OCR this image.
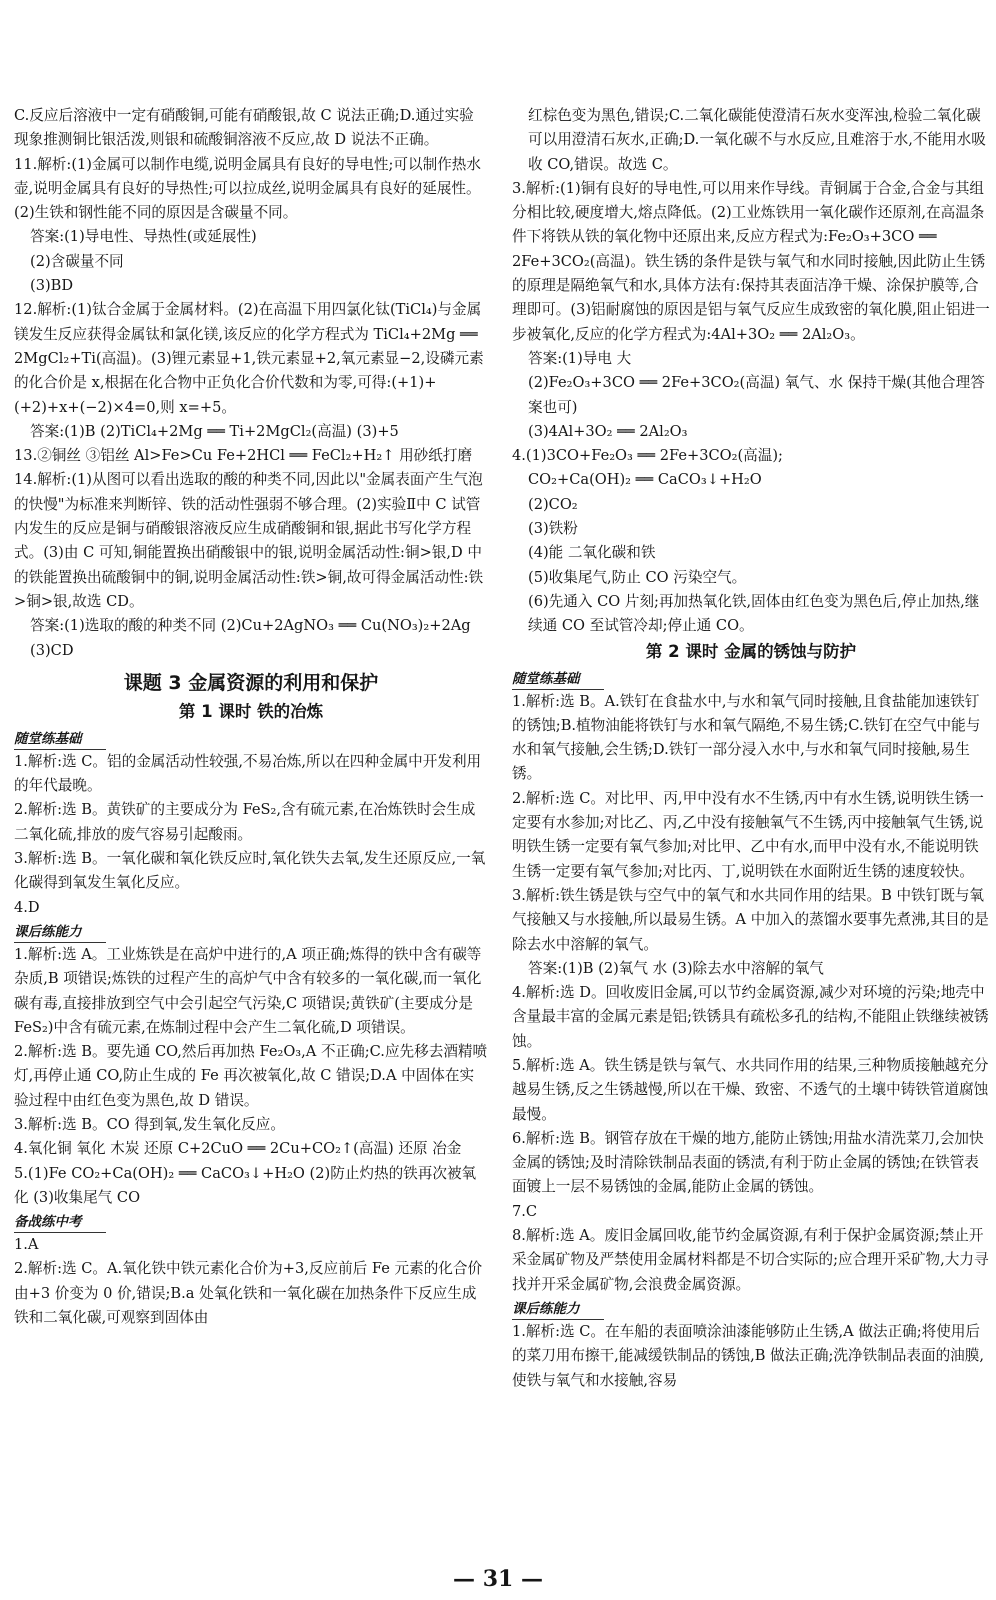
C.反应后溶液中一定有硝酸铜,可能有硝酸银,故 C 说法正确;D.通过实验现象推测铜比银活泼,则银和硫酸铜溶液不反应,故 D 说法不正确。
11.解析:(1)金属可以制作电缆,说明金属具有良好的导电性;可以制作热水壶,说明金属具有良好的导热性;可以拉成丝,说明金属具有良好的延展性。(2)生铁和钢性能不同的原因是含碳量不同。
答案:(1)导电性、导热性(或延展性)
(2)含碳量不同
(3)BD
12.解析:(1)钛合金属于金属材料。(2)在高温下用四氯化钛(TiCl₄)与金属镁发生反应获得金属钛和氯化镁,该反应的化学方程式为 TiCl₄+2Mg ══ 2MgCl₂+Ti(高温)。(3)锂元素显+1,铁元素显+2,氧元素显−2,设磷元素的化合价是 x,根据在化合物中正负化合价代数和为零,可得:(+1)+(+2)+x+(−2)×4=0,则 x=+5。
答案:(1)B (2)TiCl₄+2Mg ══ Ti+2MgCl₂(高温) (3)+5
13.②铜丝 ③铝丝 Al>Fe>Cu Fe+2HCl ══ FeCl₂+H₂↑ 用砂纸打磨
14.解析:(1)从图可以看出选取的酸的种类不同,因此以"金属表面产生气泡的快慢"为标准来判断锌、铁的活动性强弱不够合理。(2)实验Ⅱ中 C 试管内发生的反应是铜与硝酸银溶液反应生成硝酸铜和银,据此书写化学方程式。(3)由 C 可知,铜能置换出硝酸银中的银,说明金属活动性:铜>银,D 中的铁能置换出硫酸铜中的铜,说明金属活动性:铁>铜,故可得金属活动性:铁>铜>银,故选 CD。
答案:(1)选取的酸的种类不同 (2)Cu+2AgNO₃ ══ Cu(NO₃)₂+2Ag (3)CD
课题 3 金属资源的利用和保护
第 1 课时 铁的冶炼
随堂练基础
1.解析:选 C。铝的金属活动性较强,不易冶炼,所以在四种金属中开发利用的年代最晚。
2.解析:选 B。黄铁矿的主要成分为 FeS₂,含有硫元素,在冶炼铁时会生成二氧化硫,排放的废气容易引起酸雨。
3.解析:选 B。一氧化碳和氧化铁反应时,氧化铁失去氧,发生还原反应,一氧化碳得到氧发生氧化反应。
4.D
课后练能力
1.解析:选 A。工业炼铁是在高炉中进行的,A 项正确;炼得的铁中含有碳等杂质,B 项错误;炼铁的过程产生的高炉气中含有较多的一氧化碳,而一氧化碳有毒,直接排放到空气中会引起空气污染,C 项错误;黄铁矿(主要成分是 FeS₂)中含有硫元素,在炼制过程中会产生二氧化硫,D 项错误。
2.解析:选 B。要先通 CO,然后再加热 Fe₂O₃,A 不正确;C.应先移去酒精喷灯,再停止通 CO,防止生成的 Fe 再次被氧化,故 C 错误;D.A 中固体在实验过程中由红色变为黑色,故 D 错误。
3.解析:选 B。CO 得到氧,发生氧化反应。
4.氧化铜 氧化 木炭 还原 C+2CuO ══ 2Cu+CO₂↑(高温) 还原 冶金
5.(1)Fe CO₂+Ca(OH)₂ ══ CaCO₃↓+H₂O (2)防止灼热的铁再次被氧化 (3)收集尾气 CO
备战练中考
1.A
2.解析:选 C。A.氧化铁中铁元素化合价为+3,反应前后 Fe 元素的化合价由+3 价变为 0 价,错误;B.a 处氧化铁和一氧化碳在加热条件下反应生成铁和二氧化碳,可观察到固体由
红棕色变为黑色,错误;C.二氧化碳能使澄清石灰水变浑浊,检验二氧化碳可以用澄清石灰水,正确;D.一氧化碳不与水反应,且难溶于水,不能用水吸收 CO,错误。故选 C。
3.解析:(1)铜有良好的导电性,可以用来作导线。青铜属于合金,合金与其组分相比较,硬度增大,熔点降低。(2)工业炼铁用一氧化碳作还原剂,在高温条件下将铁从铁的氧化物中还原出来,反应方程式为:Fe₂O₃+3CO ══ 2Fe+3CO₂(高温)。铁生锈的条件是铁与氧气和水同时接触,因此防止生锈的原理是隔绝氧气和水,具体方法有:保持其表面洁净干燥、涂保护膜等,合理即可。(3)铝耐腐蚀的原因是铝与氧气反应生成致密的氧化膜,阻止铝进一步被氧化,反应的化学方程式为:4Al+3O₂ ══ 2Al₂O₃。
答案:(1)导电 大
(2)Fe₂O₃+3CO ══ 2Fe+3CO₂(高温) 氧气、水 保持干燥(其他合理答案也可)
(3)4Al+3O₂ ══ 2Al₂O₃
4.(1)3CO+Fe₂O₃ ══ 2Fe+3CO₂(高温);
CO₂+Ca(OH)₂ ══ CaCO₃↓+H₂O
(2)CO₂
(3)铁粉
(4)能 二氧化碳和铁
(5)收集尾气,防止 CO 污染空气。
(6)先通入 CO 片刻;再加热氧化铁,固体由红色变为黑色后,停止加热,继续通 CO 至试管冷却;停止通 CO。
第 2 课时 金属的锈蚀与防护
随堂练基础
1.解析:选 B。A.铁钉在食盐水中,与水和氧气同时接触,且食盐能加速铁钉的锈蚀;B.植物油能将铁钉与水和氧气隔绝,不易生锈;C.铁钉在空气中能与水和氧气接触,会生锈;D.铁钉一部分浸入水中,与水和氧气同时接触,易生锈。
2.解析:选 C。对比甲、丙,甲中没有水不生锈,丙中有水生锈,说明铁生锈一定要有水参加;对比乙、丙,乙中没有接触氧气不生锈,丙中接触氧气生锈,说明铁生锈一定要有氧气参加;对比甲、乙中有水,而甲中没有水,不能说明铁生锈一定要有氧气参加;对比丙、丁,说明铁在水面附近生锈的速度较快。
3.解析:铁生锈是铁与空气中的氧气和水共同作用的结果。B 中铁钉既与氧气接触又与水接触,所以最易生锈。A 中加入的蒸馏水要事先煮沸,其目的是除去水中溶解的氧气。
答案:(1)B (2)氧气 水 (3)除去水中溶解的氧气
4.解析:选 D。回收废旧金属,可以节约金属资源,减少对环境的污染;地壳中含量最丰富的金属元素是铝;铁锈具有疏松多孔的结构,不能阻止铁继续被锈蚀。
5.解析:选 A。铁生锈是铁与氧气、水共同作用的结果,三种物质接触越充分越易生锈,反之生锈越慢,所以在干燥、致密、不透气的土壤中铸铁管道腐蚀最慢。
6.解析:选 B。钢管存放在干燥的地方,能防止锈蚀;用盐水清洗菜刀,会加快金属的锈蚀;及时清除铁制品表面的锈渍,有利于防止金属的锈蚀;在铁管表面镀上一层不易锈蚀的金属,能防止金属的锈蚀。
7.C
8.解析:选 A。废旧金属回收,能节约金属资源,有利于保护金属资源;禁止开采金属矿物及严禁使用金属材料都是不切合实际的;应合理开采矿物,大力寻找并开采金属矿物,会浪费金属资源。
课后练能力
1.解析:选 C。在车船的表面喷涂油漆能够防止生锈,A 做法正确;将使用后的菜刀用布擦干,能减缓铁制品的锈蚀,B 做法正确;洗净铁制品表面的油膜,使铁与氧气和水接触,容易
— 31 —
